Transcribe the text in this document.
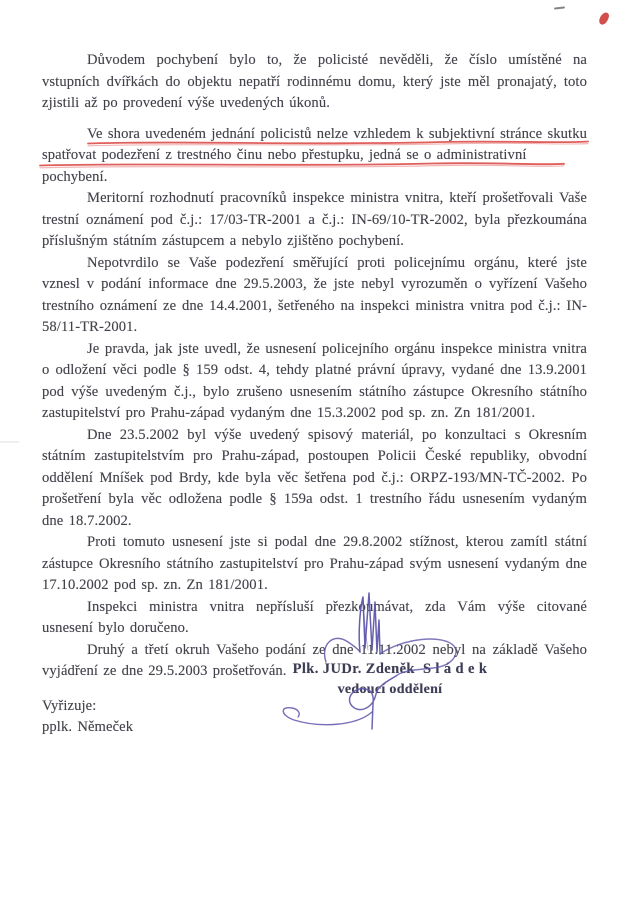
Důvodem pochybení bylo to, že policisté nevěděli, že číslo umístěné na vstupních dvířkách do objektu nepatří rodinnému domu, který jste měl pronajatý, toto zjistili až po provedení výše uvedených úkonů.

Ve shora uvedeném jednání policistů nelze vzhledem k subjektivní stránce skutku
spatřovat podezření z trestného činu nebo přestupku, jedná se o administrativní pochybení.

Meritorní rozhodnutí pracovníků inspekce ministra vnitra, kteří prošetřovali Vaše trestní oznámení pod č.j.: 17/03-TR-2001 a č.j.: IN-69/10-TR-2002, byla přezkoumána příslušným státním zástupcem a nebylo zjištěno pochybení.

Nepotvrdilo se Vaše podezření směřující proti policejnímu orgánu, které jste vznesl v podání informace dne 29.5.2003, že jste nebyl vyrozuměn o vyřízení Vašeho trestního oznámení ze dne 14.4.2001, šetřeného na inspekci ministra vnitra pod č.j.: IN-58/11-TR-2001.

Je pravda, jak jste uvedl, že usnesení policejního orgánu inspekce ministra vnitra o odložení věci podle § 159 odst. 4, tehdy platné právní úpravy, vydané dne 13.9.2001 pod výše uvedeným č.j., bylo zrušeno usnesením státního zástupce Okresního státního zastupitelství pro Prahu-západ vydaným dne 15.3.2002 pod sp. zn. Zn 181/2001.

Dne 23.5.2002 byl výše uvedený spisový materiál, po konzultaci s Okresním státním zastupitelstvím pro Prahu-západ, postoupen Policii České republiky, obvodní oddělení Mníšek pod Brdy, kde byla věc šetřena pod č.j.: ORPZ-193/MN-TČ-2002. Po prošetření byla věc odložena podle § 159a odst. 1 trestního řádu usnesením vydaným dne 18.7.2002.

Proti tomuto usnesení jste si podal dne 29.8.2002 stížnost, kterou zamítl státní zástupce Okresního státního zastupitelství pro Prahu-západ svým usnesení vydaným dne 17.10.2002 pod sp. zn. Zn 181/2001.

Inspekci ministra vnitra nepřísluší přezkoumávat, zda Vám výše citované usnesení bylo doručeno.

Druhý a třetí okruh Vašeho podání ze dne 11.11.2002 nebyl na základě Vašeho vyjádření ze dne 29.5.2003 prošetřován.

Vyřizuje:
pplk. Němeček
Plk. JUDr. Zdeněk  S l á d e k
vedoucí oddělení
